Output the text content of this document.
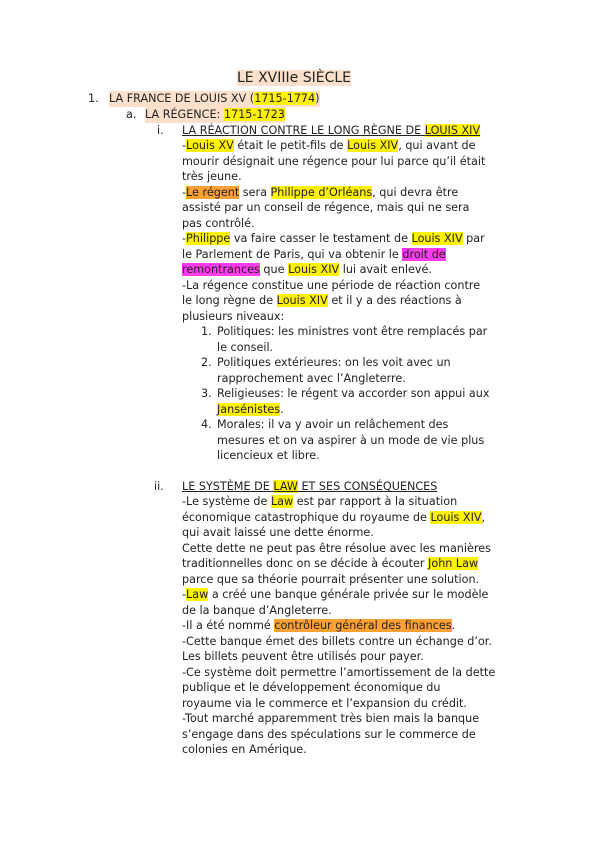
LE XVIIIe SIÈCLE
1. LA FRANCE DE LOUIS XV (1715-1774)
a. LA RÉGENCE: 1715-1723
i. LA RÉACTION CONTRE LE LONG RÈGNE DE LOUIS XIV
-Louis XV était le petit-fils de Louis XIV, qui avant de
mourir désignait une régence pour lui parce qu’il était
très jeune.
-Le régent sera Philippe d’Orléans, qui devra être
assisté par un conseil de régence, mais qui ne sera
pas contrôlé.
-Philippe va faire casser le testament de Louis XIV par
le Parlement de Paris, qui va obtenir le droit de
remontrances que Louis XIV lui avait enlevé.
-La régence constitue une période de réaction contre
le long règne de Louis XIV et il y a des réactions à
plusieurs niveaux:
1. Politiques: les ministres vont être remplacés par
le conseil.
2. Politiques extérieures: on les voit avec un
rapprochement avec l’Angleterre.
3. Religieuses: le régent va accorder son appui aux
Jansénistes.
4. Morales: il va y avoir un relâchement des
mesures et on va aspirer à un mode de vie plus
licencieux et libre.
ii. LE SYSTÈME DE LAW ET SES CONSÉQUENCES
-Le système de Law est par rapport à la situation
économique catastrophique du royaume de Louis XIV,
qui avait laissé une dette énorme.
Cette dette ne peut pas être résolue avec les manières
traditionnelles donc on se décide à écouter John Law
parce que sa théorie pourrait présenter une solution.
-Law a créé une banque générale privée sur le modèle
de la banque d’Angleterre.
-Il a été nommé contrôleur général des finances.
-Cette banque émet des billets contre un échange d’or.
Les billets peuvent être utilisés pour payer.
-Ce système doit permettre l’amortissement de la dette
publique et le développement économique du
royaume via le commerce et l’expansion du crédit.
-Tout marché apparemment très bien mais la banque
s’engage dans des spéculations sur le commerce de
colonies en Amérique.
